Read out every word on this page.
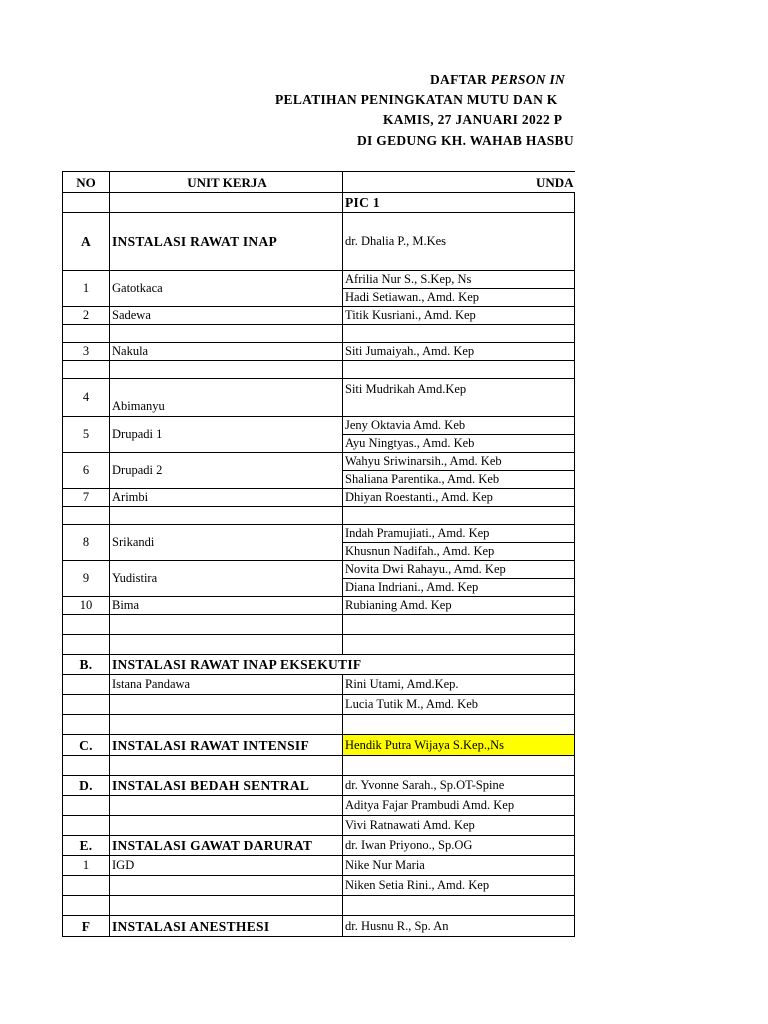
DAFTAR PERSON IN
PELATIHAN PENINGKATAN MUTU DAN K
KAMIS, 27 JANUARI 2022 P
DI GEDUNG KH. WAHAB HASBU
NO	UNIT KERJA	UNDA
		PIC 1
A	INSTALASI RAWAT INAP	dr. Dhalia P., M.Kes
1	Gatotkaca	Afrilia Nur S., S.Kep, Ns
		Hadi Setiawan., Amd. Kep
2	Sadewa	Titik Kusriani., Amd. Kep

3	Nakula	Siti Jumaiyah., Amd. Kep

4	Abimanyu	Siti Mudrikah Amd.Kep
5	Drupadi 1	Jeny Oktavia Amd. Keb
		Ayu Ningtyas., Amd. Keb
6	Drupadi 2	Wahyu Sriwinarsih., Amd. Keb
		Shaliana Parentika., Amd. Keb
7	Arimbi	Dhiyan Roestanti., Amd. Kep

8	Srikandi	Indah Pramujiati., Amd. Kep
		Khusnun Nadifah., Amd. Kep
9	Yudistira	Novita Dwi Rahayu., Amd. Kep
		Diana Indriani., Amd. Kep
10	Bima	Rubianing Amd. Kep

B.	INSTALASI RAWAT INAP EKSEKUTIF	
	Istana Pandawa	Rini Utami, Amd.Kep.
		Lucia Tutik M., Amd. Keb

C.	INSTALASI RAWAT INTENSIF	Hendik Putra Wijaya S.Kep.,Ns

D.	INSTALASI BEDAH SENTRAL	dr. Yvonne Sarah., Sp.OT-Spine
		Aditya Fajar Prambudi Amd. Kep
		Vivi Ratnawati Amd. Kep
E.	INSTALASI GAWAT DARURAT	dr. Iwan Priyono., Sp.OG
1	IGD	Nike Nur Maria
		Niken Setia Rini., Amd. Kep

F	INSTALASI ANESTHESI	dr. Husnu R., Sp. An
